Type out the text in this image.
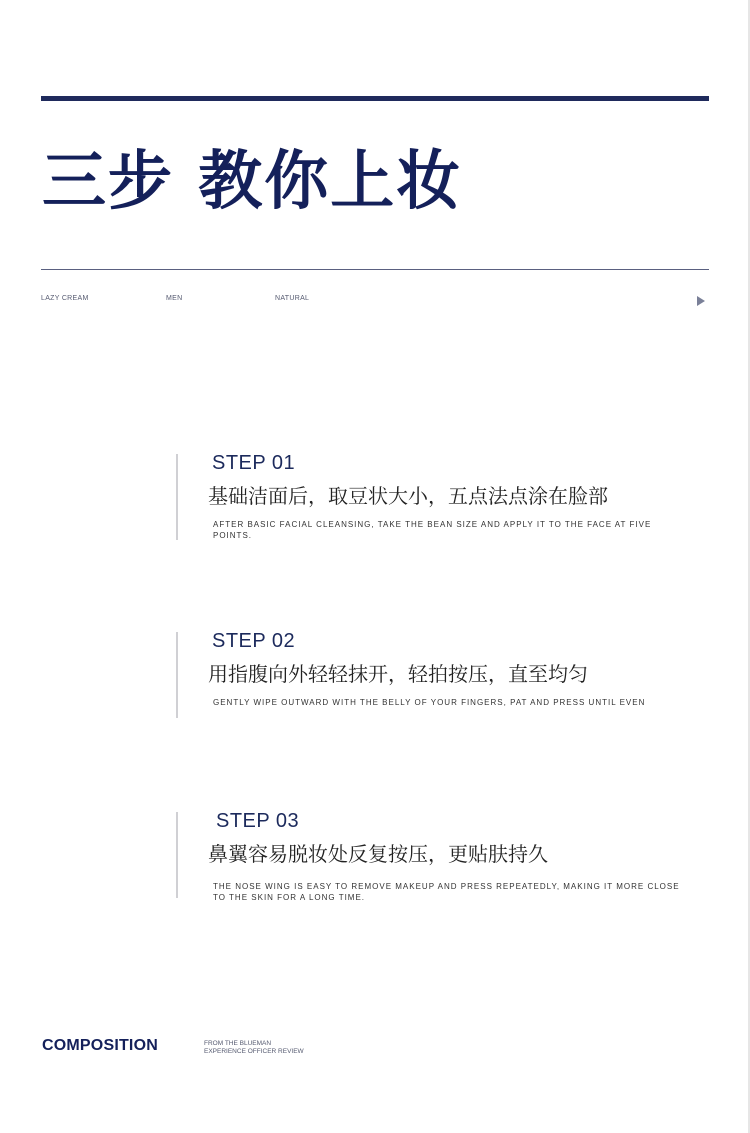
三步 教你上妆
LAZY CREAM	MEN	NATURAL
STEP 01

基础洁面后，取豆状大小，五点法点涂在脸部

AFTER BASIC FACIAL CLEANSING, TAKE THE BEAN SIZE AND APPLY IT TO THE FACE AT FIVE POINTS.

STEP 02

用指腹向外轻轻抹开，轻拍按压，直至均匀

GENTLY WIPE OUTWARD WITH THE BELLY OF YOUR FINGERS, PAT AND PRESS UNTIL EVEN

STEP 03

鼻翼容易脱妆处反复按压，更贴肤持久

THE NOSE WING IS EASY TO REMOVE MAKEUP AND PRESS REPEATEDLY, MAKING IT MORE CLOSE TO THE SKIN FOR A LONG TIME.

COMPOSITION	FROM THE BLUEMAN
EXPERIENCE OFFICER REVIEW
